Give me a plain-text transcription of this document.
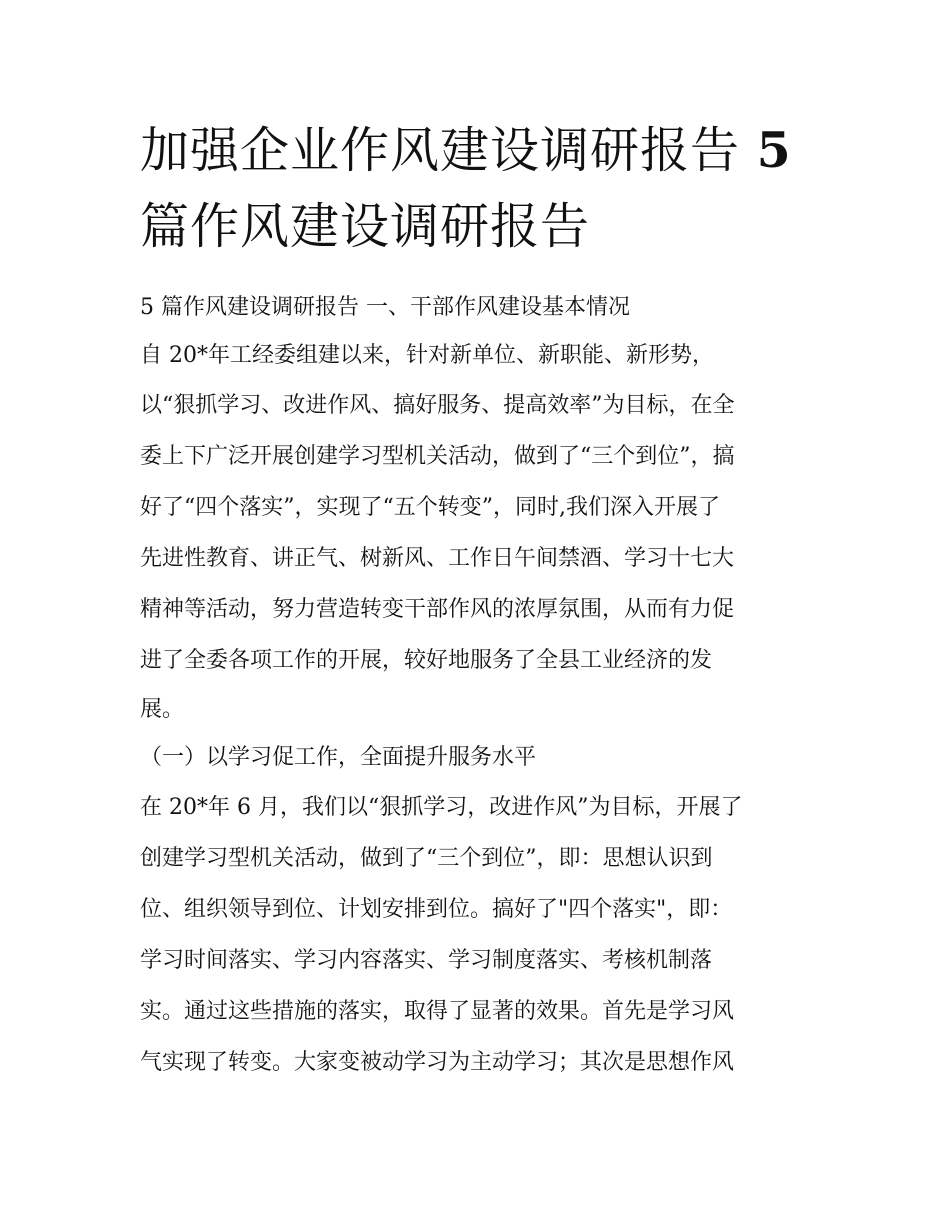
加强企业作风建设调研报告 5
篇作风建设调研报告
5 篇作风建设调研报告 一、干部作风建设基本情况
自 20*年工经委组建以来，针对新单位、新职能、新形势，
以“狠抓学习、改进作风、搞好服务、提高效率”为目标，在全
委上下广泛开展创建学习型机关活动，做到了“三个到位”，搞
好了“四个落实”，实现了“五个转变”，同时,我们深入开展了
先进性教育、讲正气、树新风、工作日午间禁酒、学习十七大
精神等活动，努力营造转变干部作风的浓厚氛围，从而有力促
进了全委各项工作的开展，较好地服务了全县工业经济的发
展。
（一）以学习促工作，全面提升服务水平
在 20*年 6 月，我们以“狠抓学习，改进作风”为目标，开展了
创建学习型机关活动，做到了“三个到位”，即：思想认识到
位、组织领导到位、计划安排到位。搞好了"四个落实"，即：
学习时间落实、学习内容落实、学习制度落实、考核机制落
实。通过这些措施的落实，取得了显著的效果。首先是学习风
气实现了转变。大家变被动学习为主动学习；其次是思想作风
